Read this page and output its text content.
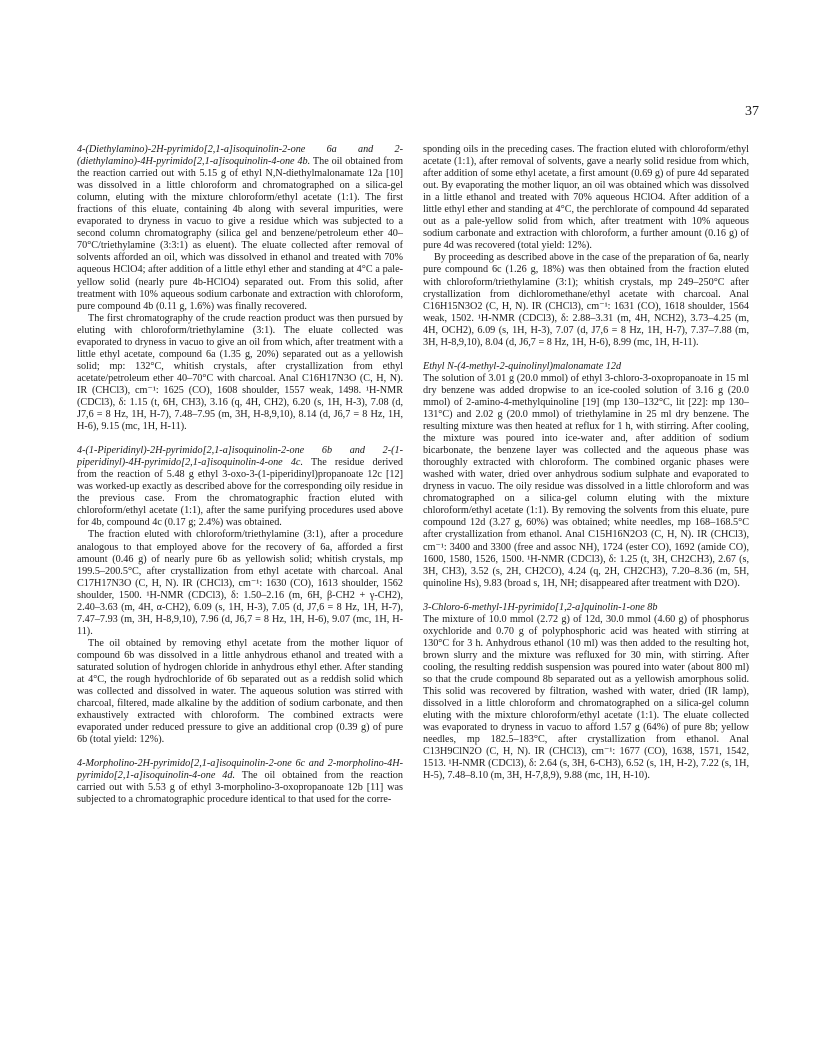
37

4-(Diethylamino)-2H-pyrimido[2,1-a]isoquinolin-2-one 6a and 2-(diethylamino)-4H-pyrimido[2,1-a]isoquinolin-4-one 4b. The oil obtained from the reaction carried out with 5.15 g of ethyl N,N-diethylmalonamate 12a [10] was dissolved in a little chloroform and chromatographed on a silica-gel column, eluting with the mixture chloroform/ethyl acetate (1:1). The first fractions of this eluate, containing 4b along with several impurities, were evaporated to dryness in vacuo to give a residue which was subjected to a second column chromatography (silica gel and benzene/petroleum ether 40–70°C/triethylamine (3:3:1) as eluent). The eluate collected after removal of solvents afforded an oil, which was dissolved in ethanol and treated with 70% aqueous HClO4; after addition of a little ethyl ether and standing at 4°C a pale-yellow solid (nearly pure 4b-HClO4) separated out. From this solid, after treatment with 10% aqueous sodium carbonate and extraction with chloroform, pure compound 4b (0.11 g, 1.6%) was finally recovered.

The first chromatography of the crude reaction product was then pursued by eluting with chloroform/triethylamine (3:1). The eluate collected was evaporated to dryness in vacuo to give an oil from which, after treatment with a little ethyl acetate, compound 6a (1.35 g, 20%) separated out as a yellowish solid; mp: 132°C, whitish crystals, after crystallization from ethyl acetate/petroleum ether 40–70°C with charcoal. Anal C16H17N3O (C, H, N). IR (CHCl3), cm⁻¹: 1625 (CO), 1608 shoulder, 1557 weak, 1498. ¹H-NMR (CDCl3), δ: 1.15 (t, 6H, CH3), 3.16 (q, 4H, CH2), 6.20 (s, 1H, H-3), 7.08 (d, J7,6 = 8 Hz, 1H, H-7), 7.48–7.95 (m, 3H, H-8,9,10), 8.14 (d, J6,7 = 8 Hz, 1H, H-6), 9.15 (mc, 1H, H-11).

4-(1-Piperidinyl)-2H-pyrimido[2,1-a]isoquinolin-2-one 6b and 2-(1-piperidinyl)-4H-pyrimido[2,1-a]isoquinolin-4-one 4c. The residue derived from the reaction of 5.48 g ethyl 3-oxo-3-(1-piperidinyl)propanoate 12c [12] was worked-up exactly as described above for the corresponding oily residue in the previous case. From the chromatographic fraction eluted with chloroform/ethyl acetate (1:1), after the same purifying procedures used above for 4b, compound 4c (0.17 g; 2.4%) was obtained.

The fraction eluted with chloroform/triethylamine (3:1), after a procedure analogous to that employed above for the recovery of 6a, afforded a first amount (0.46 g) of nearly pure 6b as yellowish solid; whitish crystals, mp 199.5–200.5°C, after crystallization from ethyl acetate with charcoal. Anal C17H17N3O (C, H, N). IR (CHCl3), cm⁻¹: 1630 (CO), 1613 shoulder, 1562 shoulder, 1500. ¹H-NMR (CDCl3), δ: 1.50–2.16 (m, 6H, β-CH2 + γ-CH2), 2.40–3.63 (m, 4H, α-CH2), 6.09 (s, 1H, H-3), 7.05 (d, J7,6 = 8 Hz, 1H, H-7), 7.47–7.93 (m, 3H, H-8,9,10), 7.96 (d, J6,7 = 8 Hz, 1H, H-6), 9.07 (mc, 1H, H-11).

The oil obtained by removing ethyl acetate from the mother liquor of compound 6b was dissolved in a little anhydrous ethanol and treated with a saturated solution of hydrogen chloride in anhydrous ethyl ether. After standing at 4°C, the rough hydrochloride of 6b separated out as a reddish solid which was collected and dissolved in water. The aqueous solution was stirred with charcoal, filtered, made alkaline by the addition of sodium carbonate, and then exhaustively extracted with chloroform. The combined extracts were evaporated under reduced pressure to give an additional crop (0.39 g) of pure 6b (total yield: 12%).

4-Morpholino-2H-pyrimido[2,1-a]isoquinolin-2-one 6c and 2-morpholino-4H-pyrimido[2,1-a]isoquinolin-4-one 4d. The oil obtained from the reaction carried out with 5.53 g of ethyl 3-morpholino-3-oxopropanoate 12b [11] was subjected to a chromatographic procedure identical to that used for the corre-

sponding oils in the preceding cases. The fraction eluted with chloroform/ethyl acetate (1:1), after removal of solvents, gave a nearly solid residue from which, after addition of some ethyl acetate, a first amount (0.69 g) of pure 4d separated out. By evaporating the mother liquor, an oil was obtained which was dissolved in a little ethanol and treated with 70% aqueous HClO4. After addition of a little ethyl ether and standing at 4°C, the perchlorate of compound 4d separated out as a pale-yellow solid from which, after treatment with 10% aqueous sodium carbonate and extraction with chloroform, a further amount (0.16 g) of pure 4d was recovered (total yield: 12%).

By proceeding as described above in the case of the preparation of 6a, nearly pure compound 6c (1.26 g, 18%) was then obtained from the fraction eluted with chloroform/triethylamine (3:1); whitish crystals, mp 249–250°C after crystallization from dichloromethane/ethyl acetate with charcoal. Anal C16H15N3O2 (C, H, N). IR (CHCl3), cm⁻¹: 1631 (CO), 1618 shoulder, 1564 weak, 1502. ¹H-NMR (CDCl3), δ: 2.88–3.31 (m, 4H, NCH2), 3.73–4.25 (m, 4H, OCH2), 6.09 (s, 1H, H-3), 7.07 (d, J7,6 = 8 Hz, 1H, H-7), 7.37–7.88 (m, 3H, H-8,9,10), 8.04 (d, J6,7 = 8 Hz, 1H, H-6), 8.99 (mc, 1H, H-11).

Ethyl N-(4-methyl-2-quinolinyl)malonamate 12d

The solution of 3.01 g (20.0 mmol) of ethyl 3-chloro-3-oxopropanoate in 15 ml dry benzene was added dropwise to an ice-cooled solution of 3.16 g (20.0 mmol) of 2-amino-4-methylquinoline [19] (mp 130–132°C, lit [22]: mp 130–131°C) and 2.02 g (20.0 mmol) of triethylamine in 25 ml dry benzene. The resulting mixture was then heated at reflux for 1 h, with stirring. After cooling, the mixture was poured into ice-water and, after addition of sodium bicarbonate, the benzene layer was collected and the aqueous phase was thoroughly extracted with chloroform. The combined organic phases were washed with water, dried over anhydrous sodium sulphate and evaporated to dryness in vacuo. The oily residue was dissolved in a little chloroform and was chromatographed on a silica-gel column eluting with the mixture chloroform/ethyl acetate (1:1). By removing the solvents from this eluate, pure compound 12d (3.27 g, 60%) was obtained; white needles, mp 168–168.5°C after crystallization from ethanol. Anal C15H16N2O3 (C, H, N). IR (CHCl3), cm⁻¹: 3400 and 3300 (free and assoc NH), 1724 (ester CO), 1692 (amide CO), 1600, 1580, 1526, 1500. ¹H-NMR (CDCl3), δ: 1.25 (t, 3H, CH2CH3), 2.67 (s, 3H, CH3), 3.52 (s, 2H, CH2CO), 4.24 (q, 2H, CH2CH3), 7.20–8.36 (m, 5H, quinoline Hs), 9.83 (broad s, 1H, NH; disappeared after treatment with D2O).

3-Chloro-6-methyl-1H-pyrimido[1,2-a]quinolin-1-one 8b

The mixture of 10.0 mmol (2.72 g) of 12d, 30.0 mmol (4.60 g) of phosphorus oxychloride and 0.70 g of polyphosphoric acid was heated with stirring at 130°C for 3 h. Anhydrous ethanol (10 ml) was then added to the resulting hot, brown slurry and the mixture was refluxed for 30 min, with stirring. After cooling, the resulting reddish suspension was poured into water (about 800 ml) so that the crude compound 8b separated out as a yellowish amorphous solid. This solid was recovered by filtration, washed with water, dried (IR lamp), dissolved in a little chloroform and chromatographed on a silica-gel column eluting with the mixture chloroform/ethyl acetate (1:1). The eluate collected was evaporated to dryness in vacuo to afford 1.57 g (64%) of pure 8b; yellow needles, mp 182.5–183°C, after crystallization from ethanol. Anal C13H9ClN2O (C, H, N). IR (CHCl3), cm⁻¹: 1677 (CO), 1638, 1571, 1542, 1513. ¹H-NMR (CDCl3), δ: 2.64 (s, 3H, 6-CH3), 6.52 (s, 1H, H-2), 7.22 (s, 1H, H-5), 7.48–8.10 (m, 3H, H-7,8,9), 9.88 (mc, 1H, H-10).
